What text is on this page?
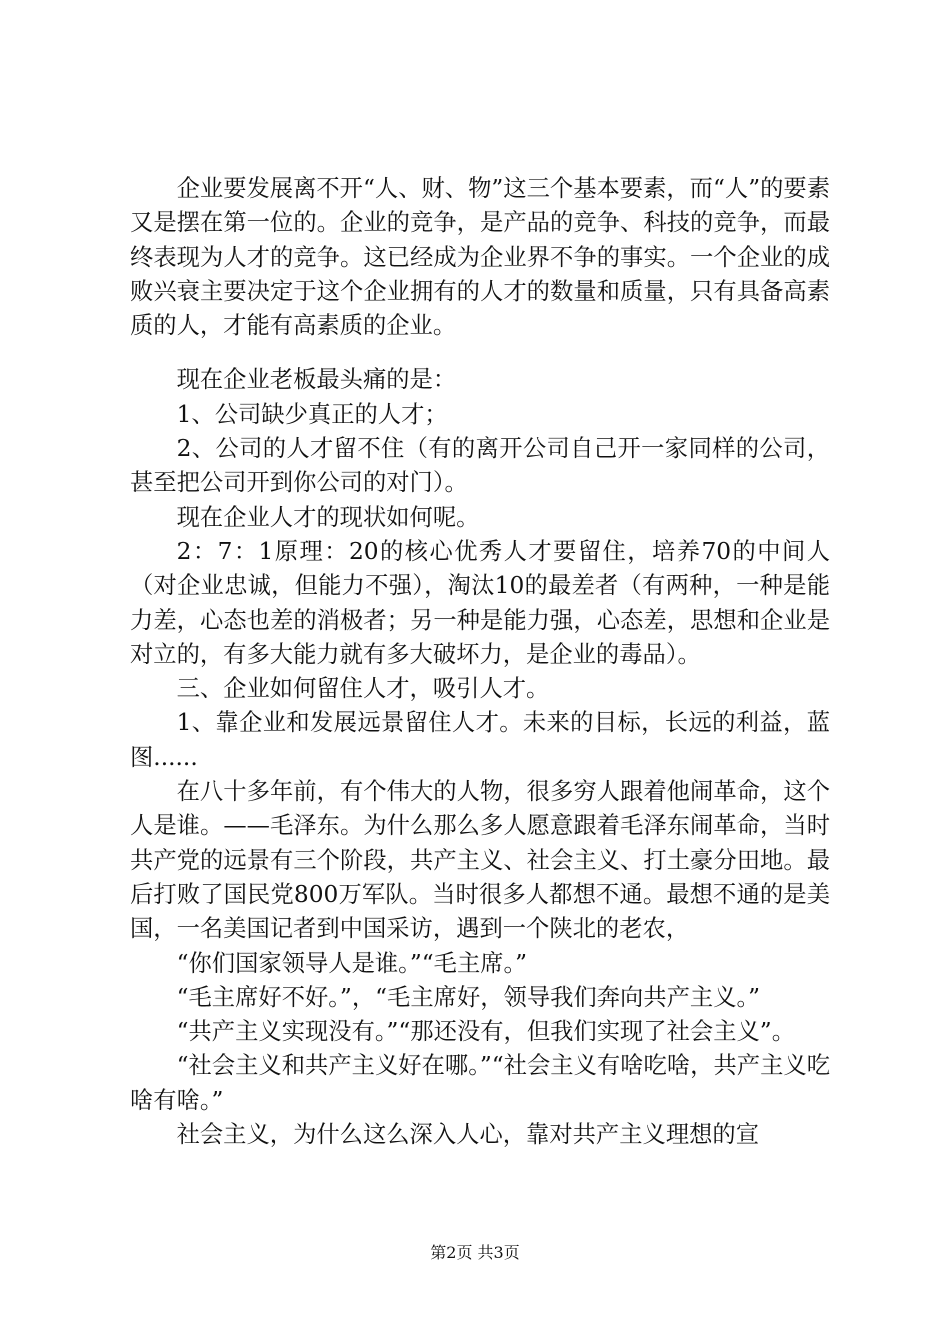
企业要发展离不开“人、财、物”这三个基本要素，而“人”的要素又是摆在第一位的。企业的竞争，是产品的竞争、科技的竞争，而最终表现为人才的竞争。这已经成为企业界不争的事实。一个企业的成败兴衰主要决定于这个企业拥有的人才的数量和质量，只有具备高素质的人，才能有高素质的企业。

现在企业老板最头痛的是：

1、公司缺少真正的人才；

2、公司的人才留不住（有的离开公司自己开一家同样的公司，甚至把公司开到你公司的对门）。

现在企业人才的现状如何呢。

2：7：1原理：20的核心优秀人才要留住，培养70的中间人（对企业忠诚，但能力不强），淘汰10的最差者（有两种，一种是能力差，心态也差的消极者；另一种是能力强，心态差，思想和企业是对立的，有多大能力就有多大破坏力，是企业的毒品）。

三、企业如何留住人才，吸引人才。

1、靠企业和发展远景留住人才。未来的目标，长远的利益，蓝图......

在八十多年前，有个伟大的人物，很多穷人跟着他闹革命，这个人是谁。——毛泽东。为什么那么多人愿意跟着毛泽东闹革命，当时共产党的远景有三个阶段，共产主义、社会主义、打土豪分田地。最后打败了国民党800万军队。当时很多人都想不通。最想不通的是美国，一名美国记者到中国采访，遇到一个陕北的老农，

“你们国家领导人是谁。”“毛主席。”

“毛主席好不好。”，“毛主席好，领导我们奔向共产主义。”

“共产主义实现没有。”“那还没有，但我们实现了社会主义”。

“社会主义和共产主义好在哪。”“社会主义有啥吃啥，共产主义吃啥有啥。”

社会主义，为什么这么深入人心，靠对共产主义理想的宣

第2页 共3页
